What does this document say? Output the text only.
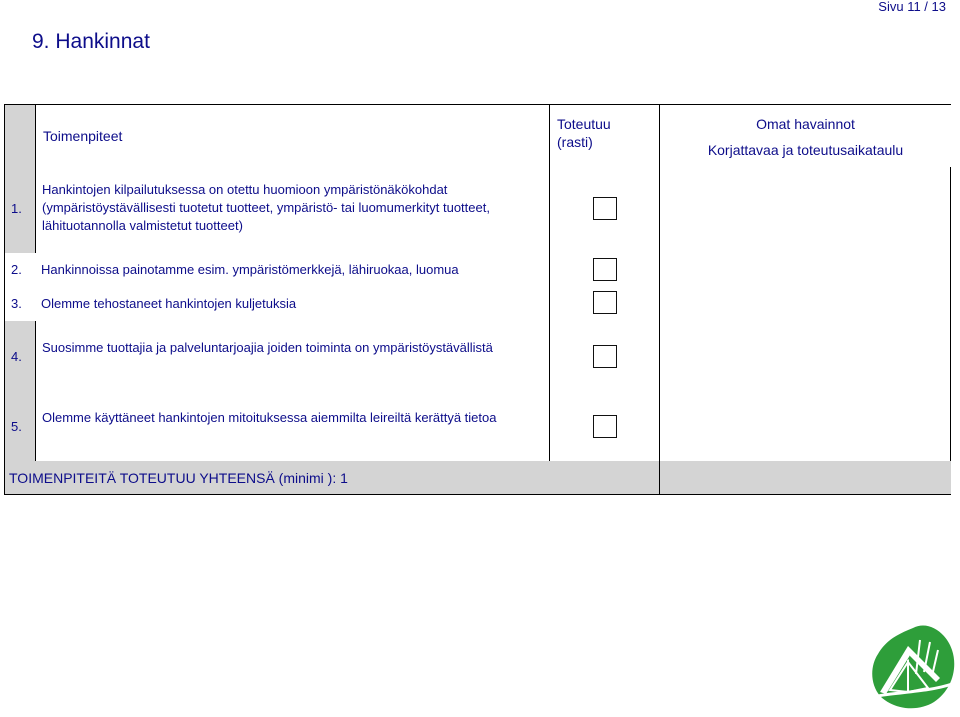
Sivu 11 / 13
9. Hankinnat
Toimenpiteet
Toteutuu
(rasti)
Omat havainnot
Korjattavaa ja toteutusaikataulu
1.
Hankintojen kilpailutuksessa on otettu huomioon ympäristönäkökohdat (ympäristöystävällisesti tuotetut tuotteet, ympäristö- tai luomumerkityt tuotteet, lähituotannolla valmistetut tuotteet)
2.	Hankinnoissa painotamme esim. ympäristömerkkejä, lähiruokaa, luomua
3.	Olemme tehostaneet hankintojen kuljetuksia
4.
Suosimme tuottajia ja palveluntarjoajia joiden toiminta on ympäristöystävällistä
5.
Olemme käyttäneet hankintojen mitoituksessa aiemmilta leireiltä kerättyä tietoa
TOIMENPITEITÄ TOTEUTUU YHTEENSÄ (minimi ): 1
